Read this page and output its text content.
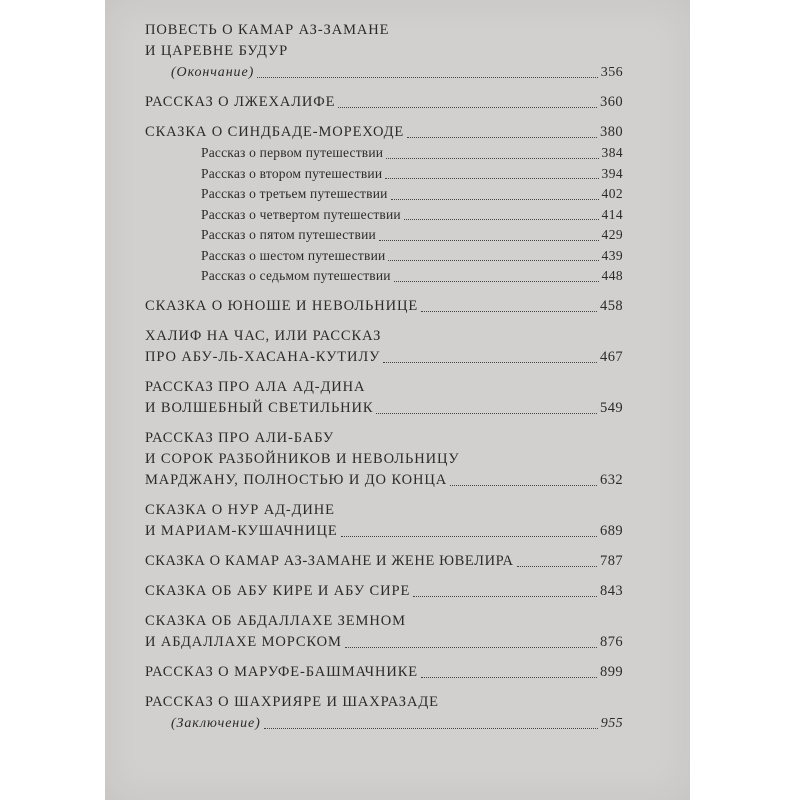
ПОВЕСТЬ О КАМАР АЗ-ЗАМАНЕ
И ЦАРЕВНЕ БУДУР
(Окончание)	356
РАССКАЗ О ЛЖЕХАЛИФЕ	360
СКАЗКА О СИНДБАДЕ-МОРЕХОДЕ	380
Рассказ о первом путешествии	384
Рассказ о втором путешествии	394
Рассказ о третьем путешествии	402
Рассказ о четвертом путешествии	414
Рассказ о пятом путешествии	429
Рассказ о шестом путешествии	439
Рассказ о седьмом путешествии	448
СКАЗКА О ЮНОШЕ И НЕВОЛЬНИЦЕ	458
ХАЛИФ НА ЧАС, ИЛИ РАССКАЗ
ПРО АБУ-ЛЬ-ХАСАНА-КУТИЛУ	467
РАССКАЗ ПРО АЛА АД-ДИНА
И ВОЛШЕБНЫЙ СВЕТИЛЬНИК	549
РАССКАЗ ПРО АЛИ-БАБУ
И СОРОК РАЗБОЙНИКОВ И НЕВОЛЬНИЦУ
МАРДЖАНУ, ПОЛНОСТЬЮ И ДО КОНЦА	632
СКАЗКА О НУР АД-ДИНЕ
И МАРИАМ-КУШАЧНИЦЕ	689
СКАЗКА О КАМАР АЗ-ЗАМАНЕ И ЖЕНЕ ЮВЕЛИРА	787
СКАЗКА ОБ АБУ КИРЕ И АБУ СИРЕ	843
СКАЗКА ОБ АБДАЛЛАХЕ ЗЕМНОМ
И АБДАЛЛАХЕ МОРСКОМ	876
РАССКАЗ О МАРУФЕ-БАШМАЧНИКЕ	899
РАССКАЗ О ШАХРИЯРЕ И ШАХРАЗАДЕ
(Заключение)	955
